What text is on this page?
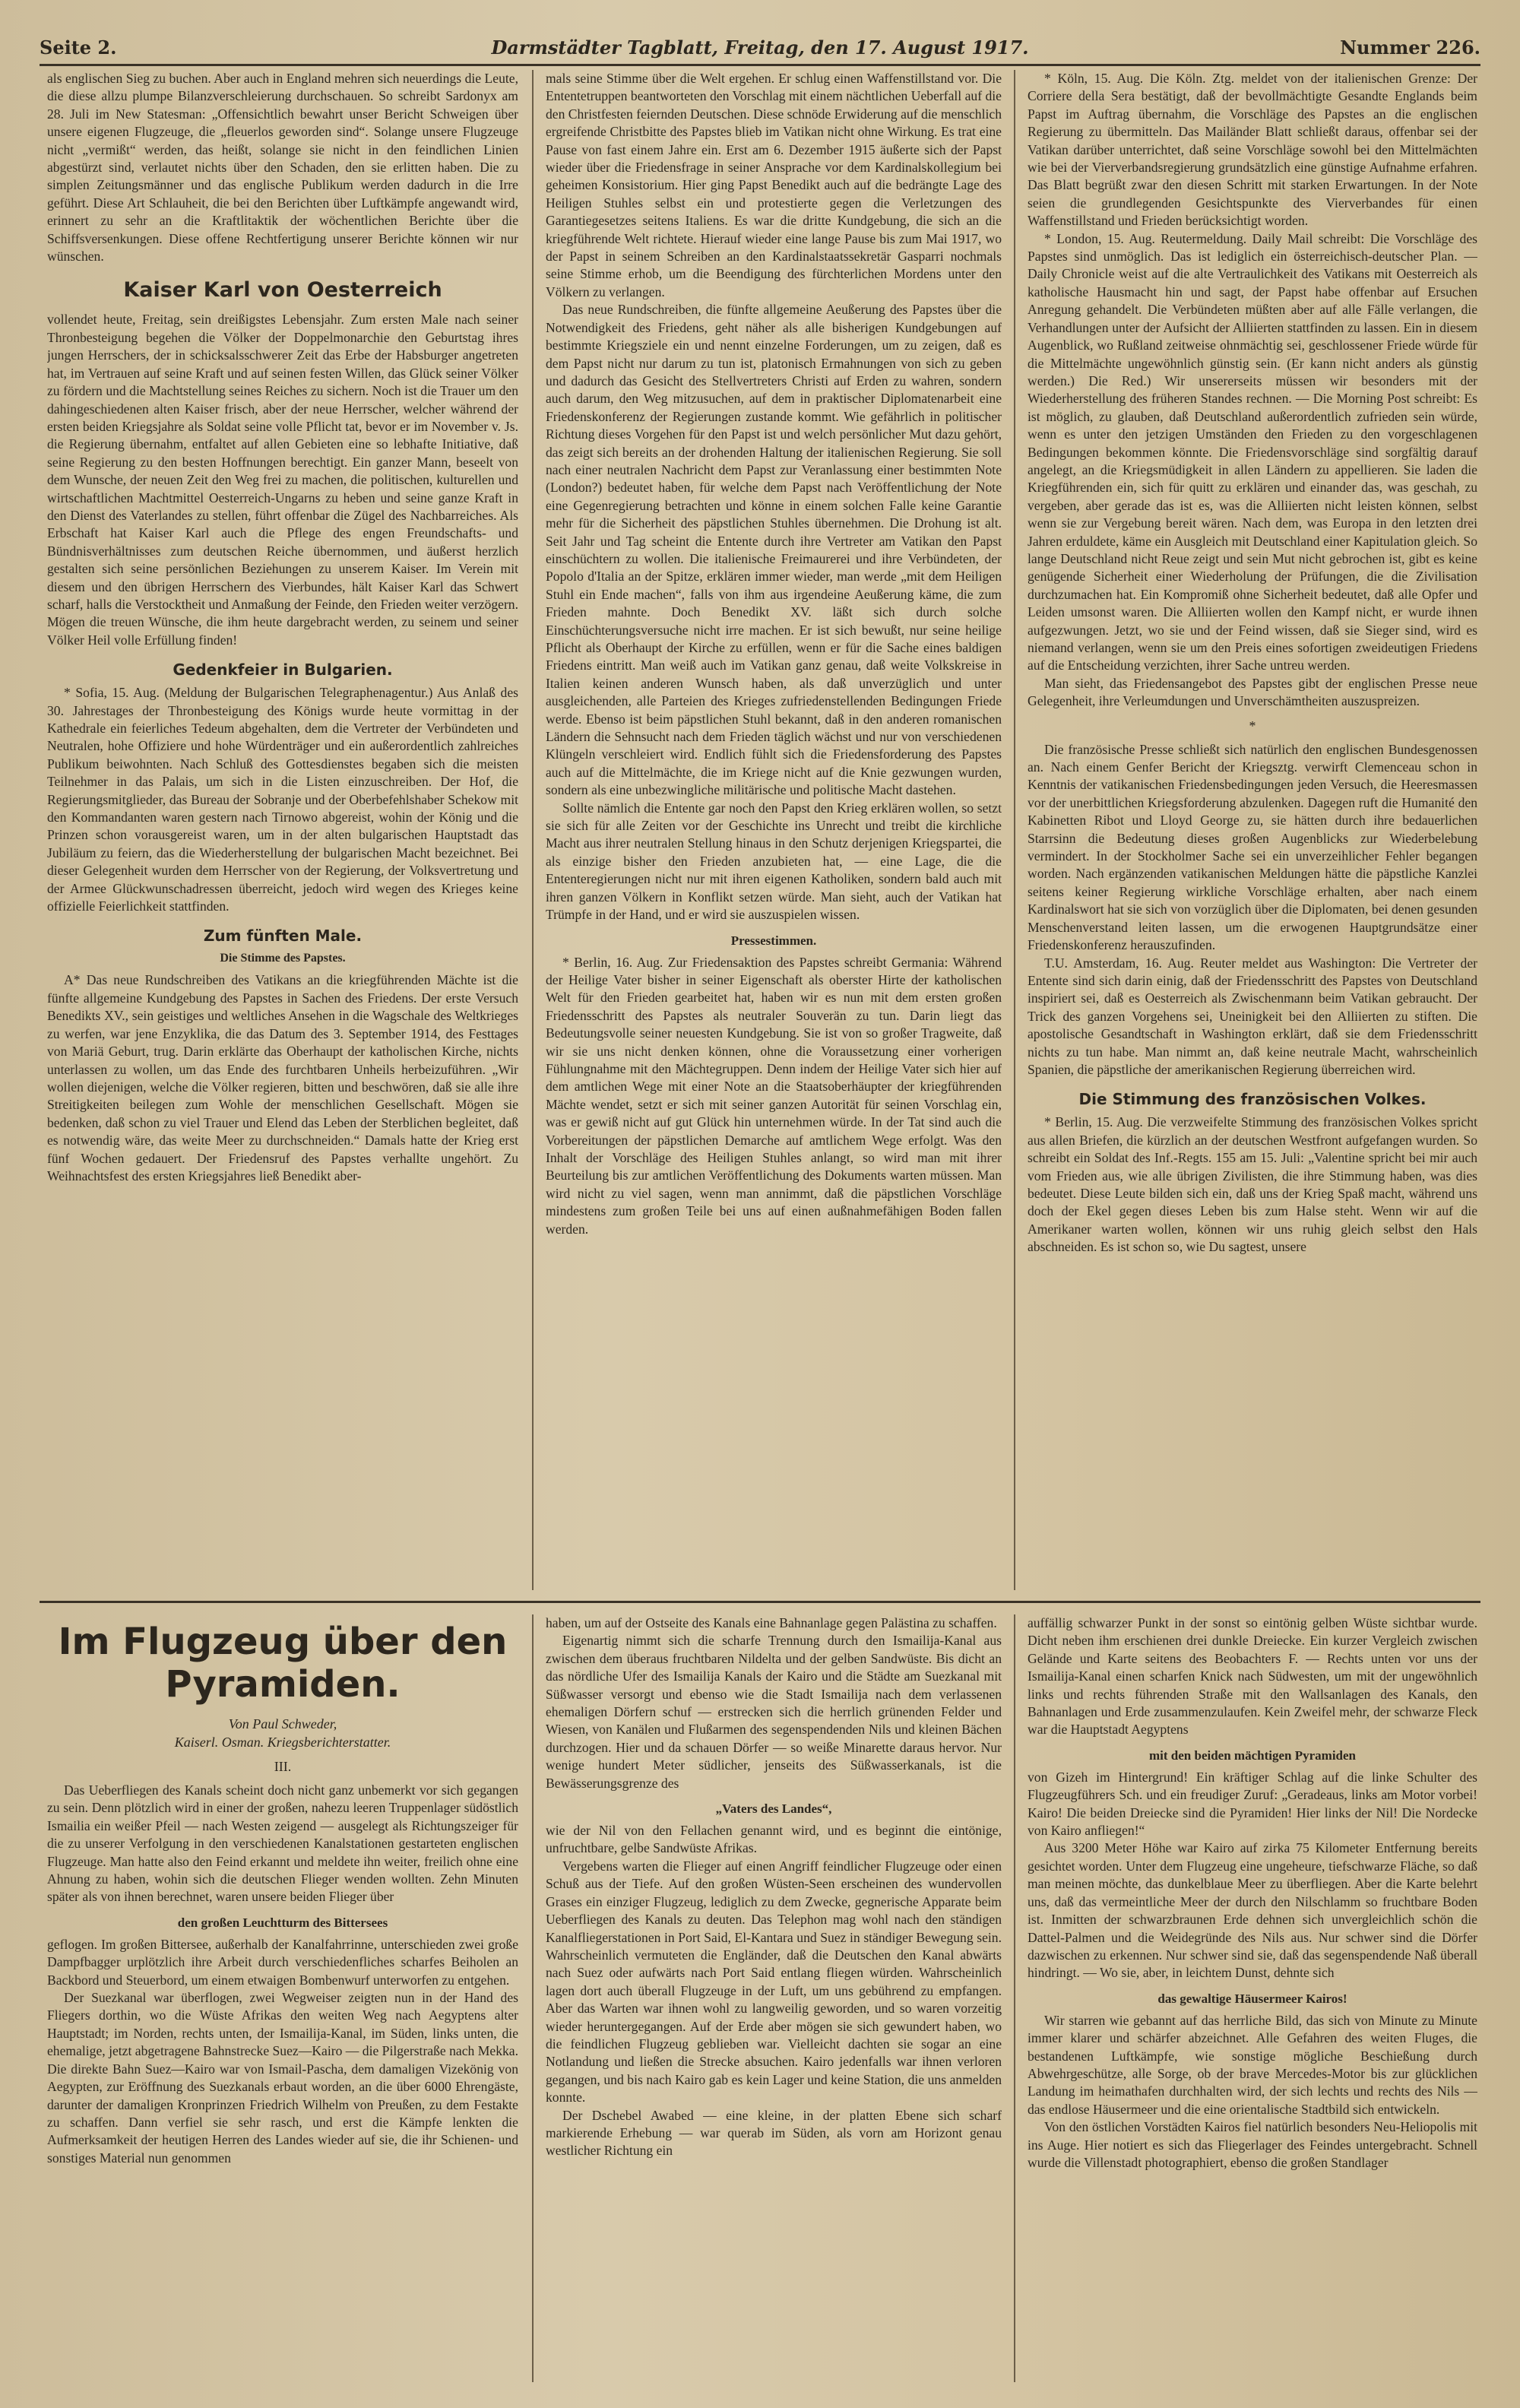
Seite 2.	Darmstädter Tagblatt, Freitag, den 17. August 1917.	Nummer 226.

als englischen Sieg zu buchen. Aber auch in England mehren sich neuerdings die Leute, die diese allzu plumpe Bilanzverschleierung durchschauen. So schreibt Sardonyx am 28. Juli im New Statesman: „Offensichtlich bewahrt unser Bericht Schweigen über unsere eigenen Flugzeuge, die „fleuerlos geworden sind“. Solange unsere Flugzeuge nicht „vermißt“ werden, das heißt, solange sie nicht in den feindlichen Linien abgestürzt sind, verlautet nichts über den Schaden, den sie erlitten haben. Die zu simplen Zeitungsmänner und das englische Publikum werden dadurch in die Irre geführt. Diese Art Schlauheit, die bei den Berichten über Luftkämpfe angewandt wird, erinnert zu sehr an die Kraftlitaktik der wöchentlichen Berichte über die Schiffsversenkungen. Diese offene Rechtfertigung unserer Berichte können wir nur wünschen.

Kaiser Karl von Oesterreich

vollendet heute, Freitag, sein dreißigstes Lebensjahr. Zum ersten Male nach seiner Thronbesteigung begehen die Völker der Doppelmonarchie den Geburtstag ihres jungen Herrschers, der in schicksalsschwerer Zeit das Erbe der Habsburger angetreten hat, im Vertrauen auf seine Kraft und auf seinen festen Willen, das Glück seiner Völker zu fördern und die Machtstellung seines Reiches zu sichern. Noch ist die Trauer um den dahingeschiedenen alten Kaiser frisch, aber der neue Herrscher, welcher während der ersten beiden Kriegsjahre als Soldat seine volle Pflicht tat, bevor er im November v. Js. die Regierung übernahm, entfaltet auf allen Gebieten eine so lebhafte Initiative, daß seine Regierung zu den besten Hoffnungen berechtigt. Ein ganzer Mann, beseelt von dem Wunsche, der neuen Zeit den Weg frei zu machen, die politischen, kulturellen und wirtschaftlichen Machtmittel Oesterreich-Ungarns zu heben und seine ganze Kraft in den Dienst des Vaterlandes zu stellen, führt offenbar die Zügel des Nachbarreiches. Als Erbschaft hat Kaiser Karl auch die Pflege des engen Freundschafts- und Bündnisverhältnisses zum deutschen Reiche übernommen, und äußerst herzlich gestalten sich seine persönlichen Beziehungen zu unserem Kaiser. Im Verein mit diesem und den übrigen Herrschern des Vierbundes, hält Kaiser Karl das Schwert scharf, halls die Verstocktheit und Anmaßung der Feinde, den Frieden weiter verzögern. Mögen die treuen Wünsche, die ihm heute dargebracht werden, zu seinem und seiner Völker Heil volle Erfüllung finden!

Gedenkfeier in Bulgarien.

* Sofia, 15. Aug. (Meldung der Bulgarischen Telegraphenagentur.) Aus Anlaß des 30. Jahrestages der Thronbesteigung des Königs wurde heute vormittag in der Kathedrale ein feierliches Tedeum abgehalten, dem die Vertreter der Verbündeten und Neutralen, hohe Offiziere und hohe Würdenträger und ein außerordentlich zahlreiches Publikum beiwohnten. Nach Schluß des Gottesdienstes begaben sich die meisten Teilnehmer in das Palais, um sich in die Listen einzuschreiben. Der Hof, die Regierungsmitglieder, das Bureau der Sobranje und der Oberbefehlshaber Schekow mit den Kommandanten waren gestern nach Tirnowo abgereist, wohin der König und die Prinzen schon vorausgereist waren, um in der alten bulgarischen Hauptstadt das Jubiläum zu feiern, das die Wiederherstellung der bulgarischen Macht bezeichnet. Bei dieser Gelegenheit wurden dem Herrscher von der Regierung, der Volksvertretung und der Armee Glückwunschadressen überreicht, jedoch wird wegen des Krieges keine offizielle Feierlichkeit stattfinden.

Zum fünften Male.
Die Stimme des Papstes.

A* Das neue Rundschreiben des Vatikans an die kriegführenden Mächte ist die fünfte allgemeine Kundgebung des Papstes in Sachen des Friedens. Der erste Versuch Benedikts XV., sein geistiges und weltliches Ansehen in die Wagschale des Weltkrieges zu werfen, war jene Enzyklika, die das Datum des 3. September 1914, des Festtages von Mariä Geburt, trug. Darin erklärte das Oberhaupt der katholischen Kirche, nichts unterlassen zu wollen, um das Ende des furchtbaren Unheils herbeizuführen. „Wir wollen diejenigen, welche die Völker regieren, bitten und beschwören, daß sie alle ihre Streitigkeiten beilegen zum Wohle der menschlichen Gesellschaft. Mögen sie bedenken, daß schon zu viel Trauer und Elend das Leben der Sterblichen begleitet, daß es notwendig wäre, das weite Meer zu durchschneiden.“ Damals hatte der Krieg erst fünf Wochen gedauert. Der Friedensruf des Papstes verhallte ungehört. Zu Weihnachtsfest des ersten Kriegsjahres ließ Benedikt aber-

mals seine Stimme über die Welt ergehen. Er schlug einen Waffenstillstand vor. Die Ententetruppen beantworteten den Vorschlag mit einem nächtlichen Ueberfall auf die den Christfesten feiernden Deutschen. Diese schnöde Erwiderung auf die menschlich ergreifende Christbitte des Papstes blieb im Vatikan nicht ohne Wirkung. Es trat eine Pause von fast einem Jahre ein. Erst am 6. Dezember 1915 äußerte sich der Papst wieder über die Friedensfrage in seiner Ansprache vor dem Kardinalskollegium bei geheimen Konsistorium. Hier ging Papst Benedikt auch auf die bedrängte Lage des Heiligen Stuhles selbst ein und protestierte gegen die Verletzungen des Garantiegesetzes seitens Italiens. Es war die dritte Kundgebung, die sich an die kriegführende Welt richtete. Hierauf wieder eine lange Pause bis zum Mai 1917, wo der Papst in seinem Schreiben an den Kardinalstaatssekretär Gasparri nochmals seine Stimme erhob, um die Beendigung des fürchterlichen Mordens unter den Völkern zu verlangen.

Das neue Rundschreiben, die fünfte allgemeine Aeußerung des Papstes über die Notwendigkeit des Friedens, geht näher als alle bisherigen Kundgebungen auf bestimmte Kriegsziele ein und nennt einzelne Forderungen, um zu zeigen, daß es dem Papst nicht nur darum zu tun ist, platonisch Ermahnungen von sich zu geben und dadurch das Gesicht des Stellvertreters Christi auf Erden zu wahren, sondern auch darum, den Weg mitzusuchen, auf dem in praktischer Diplomatenarbeit eine Friedenskonferenz der Regierungen zustande kommt. Wie gefährlich in politischer Richtung dieses Vorgehen für den Papst ist und welch persönlicher Mut dazu gehört, das zeigt sich bereits an der drohenden Haltung der italienischen Regierung. Sie soll nach einer neutralen Nachricht dem Papst zur Veranlassung einer bestimmten Note (London?) bedeutet haben, für welche dem Papst nach Veröffentlichung der Note eine Gegenregierung betrachten und könne in einem solchen Falle keine Garantie mehr für die Sicherheit des päpstlichen Stuhles übernehmen. Die Drohung ist alt. Seit Jahr und Tag scheint die Entente durch ihre Vertreter am Vatikan den Papst einschüchtern zu wollen. Die italienische Freimaurerei und ihre Verbündeten, der Popolo d'Italia an der Spitze, erklären immer wieder, man werde „mit dem Heiligen Stuhl ein Ende machen“, falls von ihm aus irgendeine Aeußerung käme, die zum Frieden mahnte. Doch Benedikt XV. läßt sich durch solche Einschüchterungsversuche nicht irre machen. Er ist sich bewußt, nur seine heilige Pflicht als Oberhaupt der Kirche zu erfüllen, wenn er für die Sache eines baldigen Friedens eintritt. Man weiß auch im Vatikan ganz genau, daß weite Volkskreise in Italien keinen anderen Wunsch haben, als daß unverzüglich und unter ausgleichenden, alle Parteien des Krieges zufriedenstellenden Bedingungen Friede werde. Ebenso ist beim päpstlichen Stuhl bekannt, daß in den anderen romanischen Ländern die Sehnsucht nach dem Frieden täglich wächst und nur von verschiedenen Klüngeln verschleiert wird. Endlich fühlt sich die Friedensforderung des Papstes auch auf die Mittelmächte, die im Kriege nicht auf die Knie gezwungen wurden, sondern als eine unbezwingliche militärische und politische Macht dastehen.

Sollte nämlich die Entente gar noch den Papst den Krieg erklären wollen, so setzt sie sich für alle Zeiten vor der Geschichte ins Unrecht und treibt die kirchliche Macht aus ihrer neutralen Stellung hinaus in den Schutz derjenigen Kriegspartei, die als einzige bisher den Frieden anzubieten hat, — eine Lage, die die Ententeregierungen nicht nur mit ihren eigenen Katholiken, sondern bald auch mit ihren ganzen Völkern in Konflikt setzen würde. Man sieht, auch der Vatikan hat Trümpfe in der Hand, und er wird sie auszuspielen wissen.

Pressestimmen.

* Berlin, 16. Aug. Zur Friedensaktion des Papstes schreibt Germania: Während der Heilige Vater bisher in seiner Eigenschaft als oberster Hirte der katholischen Welt für den Frieden gearbeitet hat, haben wir es nun mit dem ersten großen Friedensschritt des Papstes als neutraler Souverän zu tun. Darin liegt das Bedeutungsvolle seiner neuesten Kundgebung. Sie ist von so großer Tragweite, daß wir sie uns nicht denken können, ohne die Voraussetzung einer vorherigen Fühlungnahme mit den Mächtegruppen. Denn indem der Heilige Vater sich hier auf dem amtlichen Wege mit einer Note an die Staatsoberhäupter der kriegführenden Mächte wendet, setzt er sich mit seiner ganzen Autorität für seinen Vorschlag ein, was er gewiß nicht auf gut Glück hin unternehmen würde. In der Tat sind auch die Vorbereitungen der päpstlichen Demarche auf amtlichem Wege erfolgt. Was den Inhalt der Vorschläge des Heiligen Stuhles anlangt, so wird man mit ihrer Beurteilung bis zur amtlichen Veröffentlichung des Dokuments warten müssen. Man wird nicht zu viel sagen, wenn man annimmt, daß die päpstlichen Vorschläge mindestens zum großen Teile bei uns auf einen außnahmefähigen Boden fallen werden.

* Köln, 15. Aug. Die Köln. Ztg. meldet von der italienischen Grenze: Der Corriere della Sera bestätigt, daß der bevollmächtigte Gesandte Englands beim Papst im Auftrag übernahm, die Vorschläge des Papstes an die englischen Regierung zu übermitteln. Das Mailänder Blatt schließt daraus, offenbar sei der Vatikan darüber unterrichtet, daß seine Vorschläge sowohl bei den Mittelmächten wie bei der Vierverbandsregierung grundsätzlich eine günstige Aufnahme erfahren. Das Blatt begrüßt zwar den diesen Schritt mit starken Erwartungen. In der Note seien die grundlegenden Gesichtspunkte des Vierverbandes für einen Waffenstillstand und Frieden berücksichtigt worden.

* London, 15. Aug. Reutermeldung. Daily Mail schreibt: Die Vorschläge des Papstes sind unmöglich. Das ist lediglich ein österreichisch-deutscher Plan. — Daily Chronicle weist auf die alte Vertraulichkeit des Vatikans mit Oesterreich als katholische Hausmacht hin und sagt, der Papst habe offenbar auf Ersuchen Anregung gehandelt. Die Verbündeten müßten aber auf alle Fälle verlangen, die Verhandlungen unter der Aufsicht der Alliierten stattfinden zu lassen. Ein in diesem Augenblick, wo Rußland zeitweise ohnmächtig sei, geschlossener Friede würde für die Mittelmächte ungewöhnlich günstig sein. (Er kann nicht anders als günstig werden.) Die Red.) Wir unsererseits müssen wir besonders mit der Wiederherstellung des früheren Standes rechnen. — Die Morning Post schreibt: Es ist möglich, zu glauben, daß Deutschland außerordentlich zufrieden sein würde, wenn es unter den jetzigen Umständen den Frieden zu den vorgeschlagenen Bedingungen bekommen könnte. Die Friedensvorschläge sind sorgfältig darauf angelegt, an die Kriegsmüdigkeit in allen Ländern zu appellieren. Sie laden die Kriegführenden ein, sich für quitt zu erklären und einander das, was geschah, zu vergeben, aber gerade das ist es, was die Alliierten nicht leisten können, selbst wenn sie zur Vergebung bereit wären. Nach dem, was Europa in den letzten drei Jahren erduldete, käme ein Ausgleich mit Deutschland einer Kapitulation gleich. So lange Deutschland nicht Reue zeigt und sein Mut nicht gebrochen ist, gibt es keine genügende Sicherheit einer Wiederholung der Prüfungen, die die Zivilisation durchzumachen hat. Ein Kompromiß ohne Sicherheit bedeutet, daß alle Opfer und Leiden umsonst waren. Die Alliierten wollen den Kampf nicht, er wurde ihnen aufgezwungen. Jetzt, wo sie und der Feind wissen, daß sie Sieger sind, wird es niemand verlangen, wenn sie um den Preis eines sofortigen zweideutigen Friedens auf die Entscheidung verzichten, ihrer Sache untreu werden.

Man sieht, das Friedensangebot des Papstes gibt der englischen Presse neue Gelegenheit, ihre Verleumdungen und Unverschämtheiten auszuspreizen.

*

Die französische Presse schließt sich natürlich den englischen Bundesgenossen an. Nach einem Genfer Bericht der Kriegsztg. verwirft Clemenceau schon in Kenntnis der vatikanischen Friedensbedingungen jeden Versuch, die Heeresmassen vor der unerbittlichen Kriegsforderung abzulenken. Dagegen ruft die Humanité den Kabinetten Ribot und Lloyd George zu, sie hätten durch ihre bedauerlichen Starrsinn die Bedeutung dieses großen Augenblicks zur Wiederbelebung vermindert. In der Stockholmer Sache sei ein unverzeihlicher Fehler begangen worden. Nach ergänzenden vatikanischen Meldungen hätte die päpstliche Kanzlei seitens keiner Regierung wirkliche Vorschläge erhalten, aber nach einem Kardinalswort hat sie sich von vorzüglich über die Diplomaten, bei denen gesunden Menschenverstand leiten lassen, um die erwogenen Hauptgrundsätze einer Friedenskonferenz herauszufinden.

T.U. Amsterdam, 16. Aug. Reuter meldet aus Washington: Die Vertreter der Entente sind sich darin einig, daß der Friedensschritt des Papstes von Deutschland inspiriert sei, daß es Oesterreich als Zwischenmann beim Vatikan gebraucht. Der Trick des ganzen Vorgehens sei, Uneinigkeit bei den Alliierten zu stiften. Die apostolische Gesandtschaft in Washington erklärt, daß sie dem Friedensschritt nichts zu tun habe. Man nimmt an, daß keine neutrale Macht, wahrscheinlich Spanien, die päpstliche der amerikanischen Regierung überreichen wird.

Die Stimmung des französischen Volkes.

* Berlin, 15. Aug. Die verzweifelte Stimmung des französischen Volkes spricht aus allen Briefen, die kürzlich an der deutschen Westfront aufgefangen wurden. So schreibt ein Soldat des Inf.-Regts. 155 am 15. Juli: „Valentine spricht bei mir auch vom Frieden aus, wie alle übrigen Zivilisten, die ihre Stimmung haben, was dies bedeutet. Diese Leute bilden sich ein, daß uns der Krieg Spaß macht, während uns doch der Ekel gegen dieses Leben bis zum Halse steht. Wenn wir auf die Amerikaner warten wollen, können wir uns ruhig gleich selbst den Hals abschneiden. Es ist schon so, wie Du sagtest, unsere

Im Flugzeug über den Pyramiden.
Von Paul Schweder,
Kaiserl. Osman. Kriegsberichterstatter.
III.

Das Ueberfliegen des Kanals scheint doch nicht ganz unbemerkt vor sich gegangen zu sein. Denn plötzlich wird in einer der großen, nahezu leeren Truppenlager südöstlich Ismailia ein weißer Pfeil — nach Westen zeigend — ausgelegt als Richtungszeiger für die zu unserer Verfolgung in den verschiedenen Kanalstationen gestarteten englischen Flugzeuge. Man hatte also den Feind erkannt und meldete ihn weiter, freilich ohne eine Ahnung zu haben, wohin sich die deutschen Flieger wenden wollten. Zehn Minuten später als von ihnen berechnet, waren unsere beiden Flieger über

den großen Leuchtturm des Bittersees

geflogen. Im großen Bittersee, außerhalb der Kanalfahrrinne, unterschieden zwei große Dampfbagger urplötzlich ihre Arbeit durch verschiedenfliches scharfes Beiholen an Backbord und Steuerbord, um einem etwaigen Bombenwurf unterworfen zu entgehen.

Der Suezkanal war überflogen, zwei Wegweiser zeigten nun in der Hand des Fliegers dorthin, wo die Wüste Afrikas den weiten Weg nach Aegyptens alter Hauptstadt; im Norden, rechts unten, der Ismailija-Kanal, im Süden, links unten, die ehemalige, jetzt abgetragene Bahnstrecke Suez—Kairo — die Pilgerstraße nach Mekka. Die direkte Bahn Suez—Kairo war von Ismail-Pascha, dem damaligen Vizekönig von Aegypten, zur Eröffnung des Suezkanals erbaut worden, an die über 6000 Ehrengäste, darunter der damaligen Kronprinzen Friedrich Wilhelm von Preußen, zu dem Festakte zu schaffen. Dann verfiel sie sehr rasch, und erst die Kämpfe lenkten die Aufmerksamkeit der heutigen Herren des Landes wieder auf sie, die ihr Schienen- und sonstiges Material nun genommen

haben, um auf der Ostseite des Kanals eine Bahnanlage gegen Palästina zu schaffen.

Eigenartig nimmt sich die scharfe Trennung durch den Ismailija-Kanal aus zwischen dem überaus fruchtbaren Nildelta und der gelben Sandwüste. Bis dicht an das nördliche Ufer des Ismailija Kanals der Kairo und die Städte am Suezkanal mit Süßwasser versorgt und ebenso wie die Stadt Ismailija nach dem verlassenen ehemaligen Dörfern schuf — erstrecken sich die herrlich grünenden Felder und Wiesen, von Kanälen und Flußarmen des segenspendenden Nils und kleinen Bächen durchzogen. Hier und da schauen Dörfer — so weiße Minarette daraus hervor. Nur wenige hundert Meter südlicher, jenseits des Süßwasserkanals, ist die Bewässerungsgrenze des

„Vaters des Landes“,

wie der Nil von den Fellachen genannt wird, und es beginnt die eintönige, unfruchtbare, gelbe Sandwüste Afrikas.

Vergebens warten die Flieger auf einen Angriff feindlicher Flugzeuge oder einen Schuß aus der Tiefe. Auf den großen Wüsten-Seen erscheinen des wundervollen Grases ein einziger Flugzeug, lediglich zu dem Zwecke, gegnerische Apparate beim Ueberfliegen des Kanals zu deuten. Das Telephon mag wohl nach den ständigen Kanalfliegerstationen in Port Said, El-Kantara und Suez in ständiger Bewegung sein. Wahrscheinlich vermuteten die Engländer, daß die Deutschen den Kanal abwärts nach Suez oder aufwärts nach Port Said entlang fliegen würden. Wahrscheinlich lagen dort auch überall Flugzeuge in der Luft, um uns gebührend zu empfangen. Aber das Warten war ihnen wohl zu langweilig geworden, und so waren vorzeitig wieder heruntergegangen. Auf der Erde aber mögen sie sich gewundert haben, wo die feindlichen Flugzeug geblieben war. Vielleicht dachten sie sogar an eine Notlandung und ließen die Strecke absuchen. Kairo jedenfalls war ihnen verloren gegangen, und bis nach Kairo gab es kein Lager und keine Station, die uns anmelden konnte.

Der Dschebel Awabed — eine kleine, in der platten Ebene sich scharf markierende Erhebung — war querab im Süden, als vorn am Horizont genau westlicher Richtung ein

auffällig schwarzer Punkt in der sonst so eintönig gelben Wüste sichtbar wurde. Dicht neben ihm erschienen drei dunkle Dreiecke. Ein kurzer Vergleich zwischen Gelände und Karte seitens des Beobachters F. — Rechts unten vor uns der Ismailija-Kanal einen scharfen Knick nach Südwesten, um mit der ungewöhnlich links und rechts führenden Straße mit den Wallsanlagen des Kanals, den Bahnanlagen und Erde zusammenzulaufen. Kein Zweifel mehr, der schwarze Fleck war die Hauptstadt Aegyptens

mit den beiden mächtigen Pyramiden

von Gizeh im Hintergrund! Ein kräftiger Schlag auf die linke Schulter des Flugzeugführers Sch. und ein freudiger Zuruf: „Geradeaus, links am Motor vorbei! Kairo! Die beiden Dreiecke sind die Pyramiden! Hier links der Nil! Die Nordecke von Kairo anfliegen!“

Aus 3200 Meter Höhe war Kairo auf zirka 75 Kilometer Entfernung bereits gesichtet worden. Unter dem Flugzeug eine ungeheure, tiefschwarze Fläche, so daß man meinen möchte, das dunkelblaue Meer zu überfliegen. Aber die Karte belehrt uns, daß das vermeintliche Meer der durch den Nilschlamm so fruchtbare Boden ist. Inmitten der schwarzbraunen Erde dehnen sich unvergleichlich schön die Dattel-Palmen und die Weidegründe des Nils aus. Nur schwer sind die Dörfer dazwischen zu erkennen. Nur schwer sind sie, daß das segenspendende Naß überall hindringt. — Wo sie, aber, in leichtem Dunst, dehnte sich

das gewaltige Häusermeer Kairos!

Wir starren wie gebannt auf das herrliche Bild, das sich von Minute zu Minute immer klarer und schärfer abzeichnet. Alle Gefahren des weiten Fluges, die bestandenen Luftkämpfe, wie sonstige mögliche Beschießung durch Abwehrgeschütze, alle Sorge, ob der brave Mercedes-Motor bis zur glücklichen Landung im heimathafen durchhalten wird, der sich lechts und rechts des Nils — das endlose Häusermeer und die eine orientalische Stadtbild sich entwickeln.

Von den östlichen Vorstädten Kairos fiel natürlich besonders Neu-Heliopolis mit ins Auge. Hier notiert es sich das Fliegerlager des Feindes untergebracht. Schnell wurde die Villenstadt photographiert, ebenso die großen Standlager
